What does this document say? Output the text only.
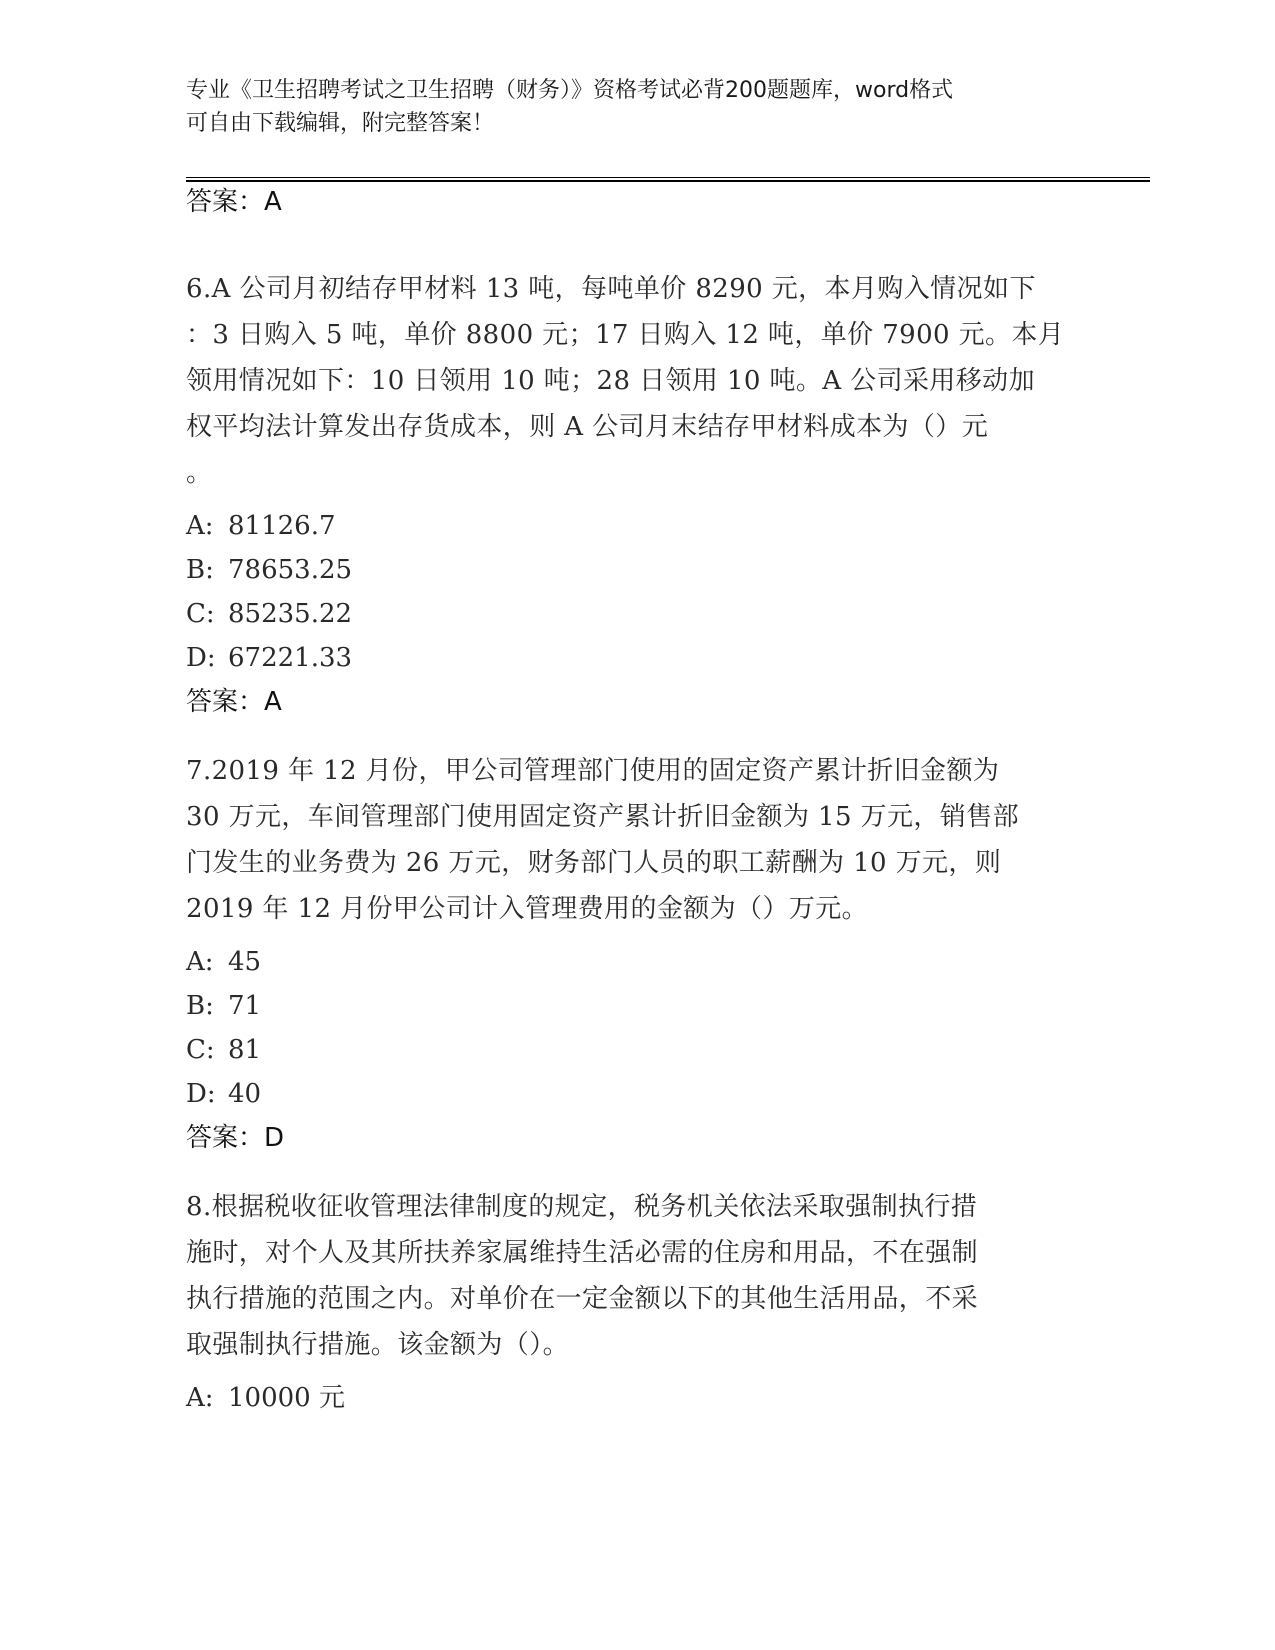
专业《卫生招聘考试之卫生招聘（财务）》资格考试必背200题题库，word格式
可自由下载编辑，附完整答案！
答案：A
6.A 公司月初结存甲材料 13 吨，每吨单价 8290 元，本月购入情况如下
：3 日购入 5 吨，单价 8800 元；17 日购入 12 吨，单价 7900 元。本月
领用情况如下：10 日领用 10 吨；28 日领用 10 吨。A 公司采用移动加
权平均法计算发出存货成本，则 A 公司月末结存甲材料成本为（）元
。
A: 81126.7
B: 78653.25
C: 85235.22
D: 67221.33
答案：A
7.2019 年 12 月份，甲公司管理部门使用的固定资产累计折旧金额为
30 万元，车间管理部门使用固定资产累计折旧金额为 15 万元，销售部
门发生的业务费为 26 万元，财务部门人员的职工薪酬为 10 万元，则
2019 年 12 月份甲公司计入管理费用的金额为（）万元。
A: 45
B: 71
C: 81
D: 40
答案：D
8.根据税收征收管理法律制度的规定，税务机关依法采取强制执行措
施时，对个人及其所扶养家属维持生活必需的住房和用品，不在强制
执行措施的范围之内。对单价在一定金额以下的其他生活用品，不采
取强制执行措施。该金额为（）。
A: 10000 元
